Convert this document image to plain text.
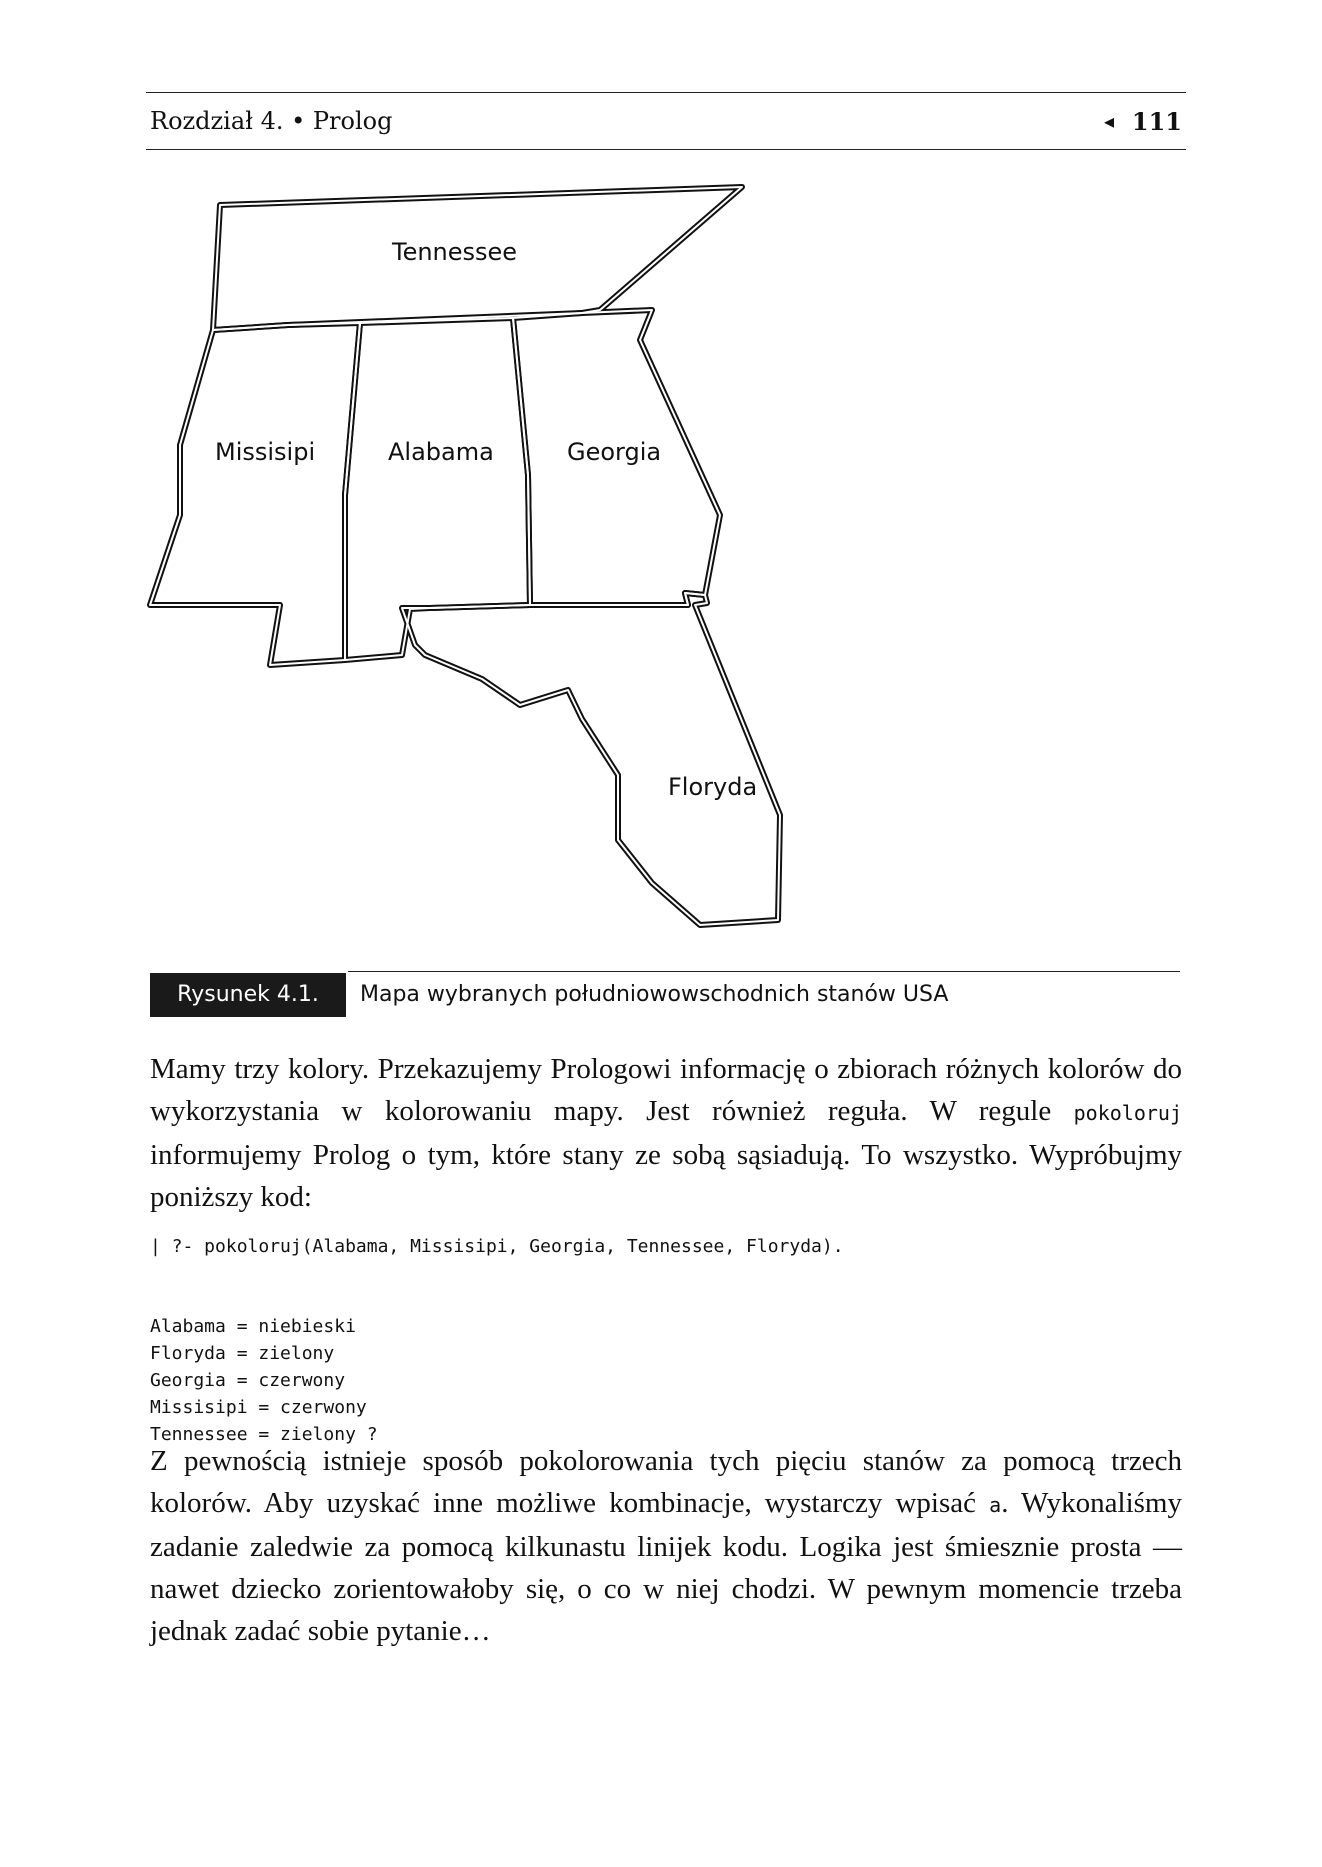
Rozdział 4. • Prolog	◂ 111
Tennessee
Missisipi	Alabama	Georgia
Floryda
Rysunek 4.1.	Mapa wybranych południowowschodnich stanów USA
Mamy trzy kolory. Przekazujemy Prologowi informację o zbiorach różnych kolorów do wykorzystania w kolorowaniu mapy. Jest również reguła. W regule pokoloruj informujemy Prolog o tym, które stany ze sobą sąsiadują. To wszystko. Wypróbujmy poniższy kod:
| ?- pokoloruj(Alabama, Missisipi, Georgia, Tennessee, Floryda).

Alabama = niebieski
Floryda = zielony
Georgia = czerwony
Missisipi = czerwony
Tennessee = zielony ?

Z pewnością istnieje sposób pokolorowania tych pięciu stanów za pomocą trzech kolorów. Aby uzyskać inne możliwe kombinacje, wystarczy wpisać a. Wykonaliśmy zadanie zaledwie za pomocą kilkunastu linijek kodu. Logika jest śmiesznie prosta — nawet dziecko zorientowałoby się, o co w niej chodzi. W pewnym momencie trzeba jednak zadać sobie pytanie…
